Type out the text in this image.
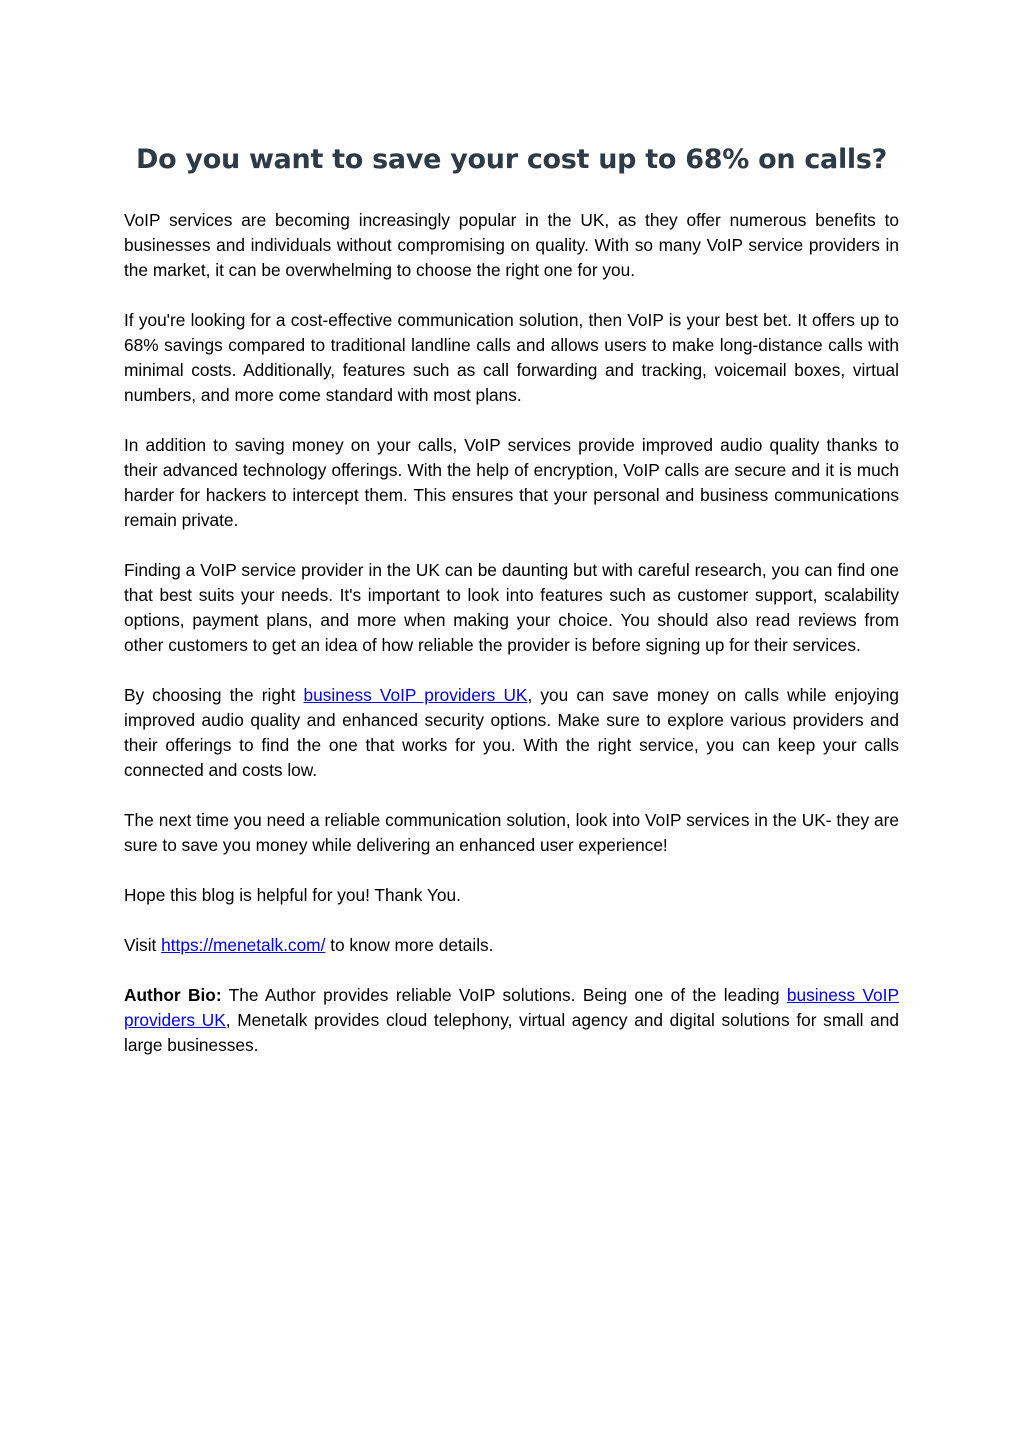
Do you want to save your cost up to 68% on calls?

VoIP services are becoming increasingly popular in the UK, as they offer numerous benefits to businesses and individuals without compromising on quality. With so many VoIP service providers in the market, it can be overwhelming to choose the right one for you.

If you're looking for a cost-effective communication solution, then VoIP is your best bet. It offers up to 68% savings compared to traditional landline calls and allows users to make long-distance calls with minimal costs. Additionally, features such as call forwarding and tracking, voicemail boxes, virtual numbers, and more come standard with most plans.

In addition to saving money on your calls, VoIP services provide improved audio quality thanks to their advanced technology offerings. With the help of encryption, VoIP calls are secure and it is much harder for hackers to intercept them. This ensures that your personal and business communications remain private.

Finding a VoIP service provider in the UK can be daunting but with careful research, you can find one that best suits your needs. It's important to look into features such as customer support, scalability options, payment plans, and more when making your choice. You should also read reviews from other customers to get an idea of how reliable the provider is before signing up for their services.

By choosing the right business VoIP providers UK, you can save money on calls while enjoying improved audio quality and enhanced security options. Make sure to explore various providers and their offerings to find the one that works for you. With the right service, you can keep your calls connected and costs low.

The next time you need a reliable communication solution, look into VoIP services in the UK- they are sure to save you money while delivering an enhanced user experience!

Hope this blog is helpful for you! Thank You.

Visit https://menetalk.com/ to know more details.

Author Bio: The Author provides reliable VoIP solutions. Being one of the leading business VoIP providers UK, Menetalk provides cloud telephony, virtual agency and digital solutions for small and large businesses.
